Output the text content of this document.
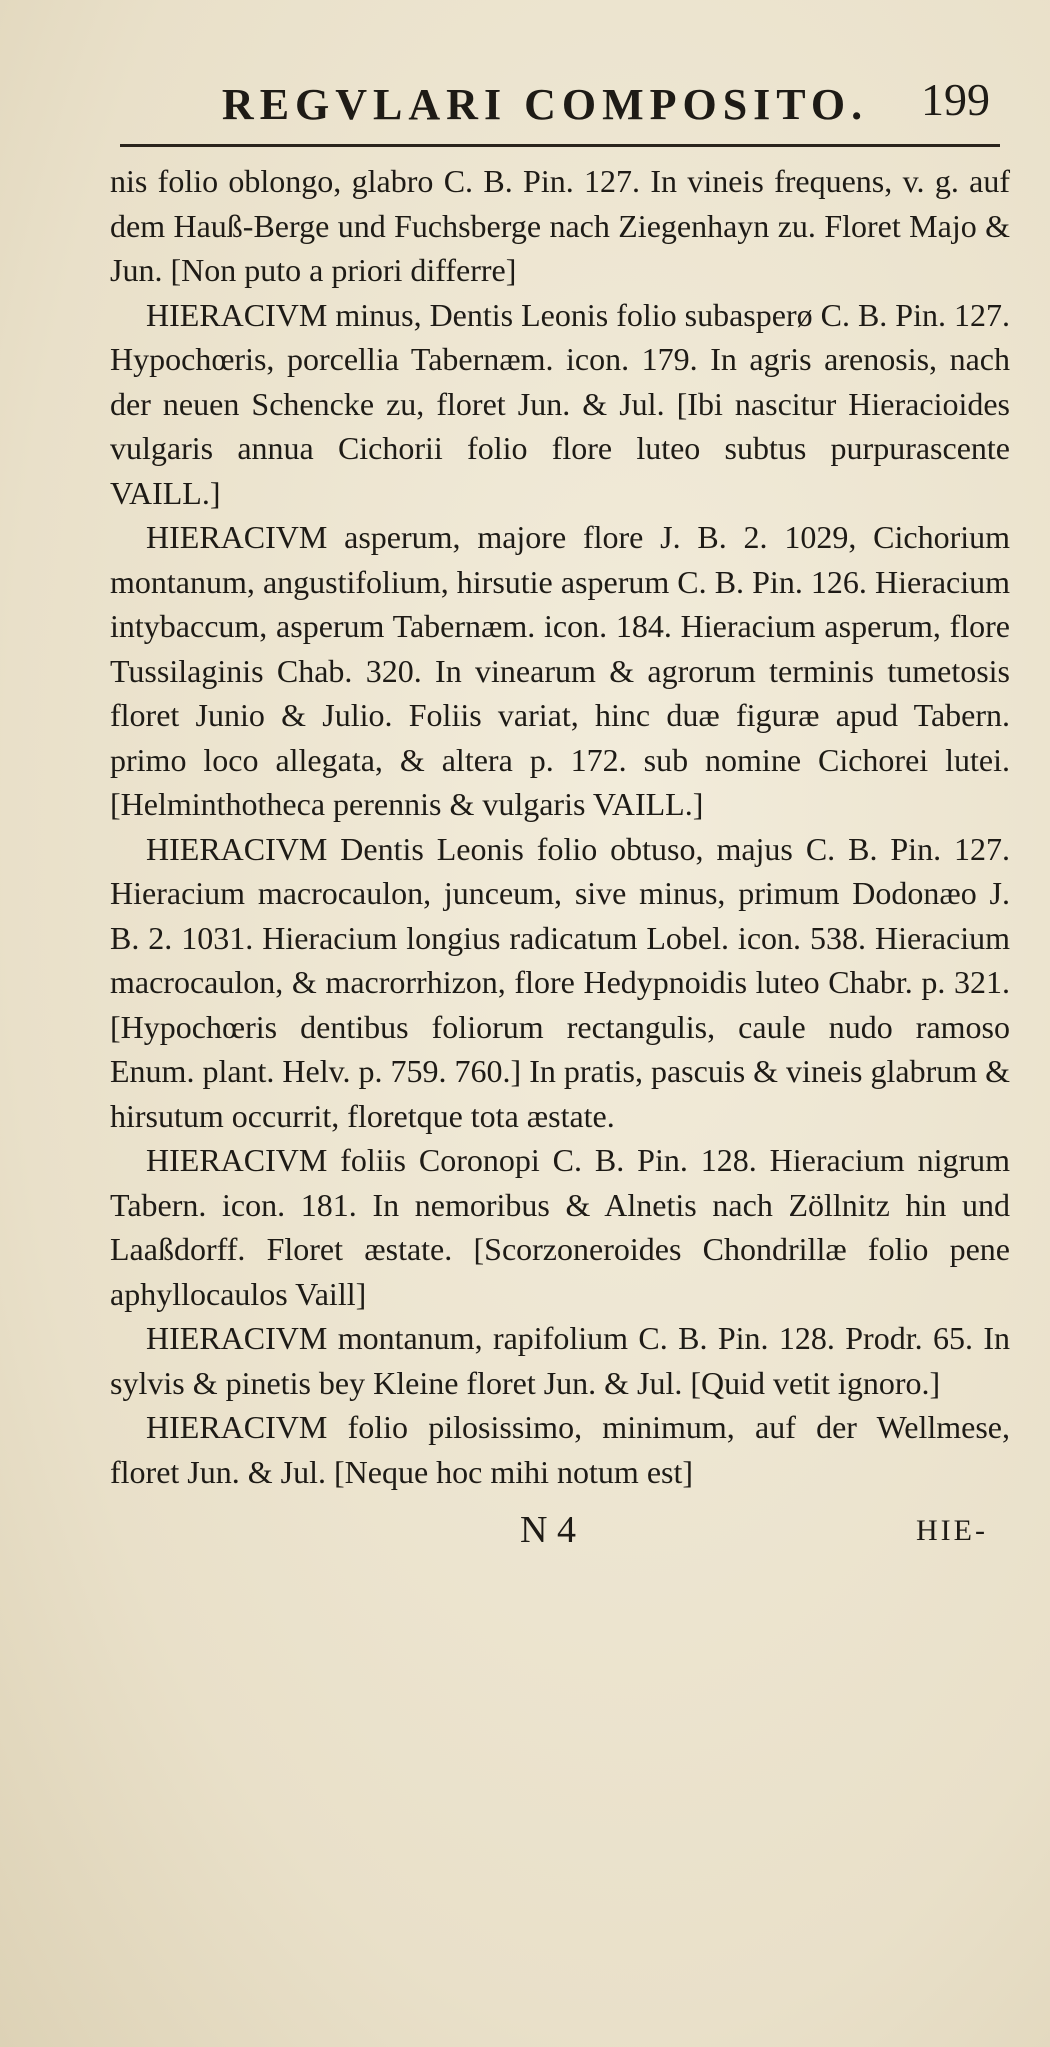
REGVLARI COMPOSITO. 199

nis folio oblongo, glabro C. B. Pin. 127. In vineis frequens, v. g. auf dem Hauß-Berge und Fuchsberge nach Ziegenhayn zu. Floret Majo & Jun. [Non puto a priori differre]

HIERACIVM minus, Dentis Leonis folio subasperø C. B. Pin. 127. Hypochœris, porcellia Tabernæm. icon. 179. In agris arenosis, nach der neuen Schencke zu, floret Jun. & Jul. [Ibi nascitur Hieracioides vulgaris annua Cichorii folio flore luteo subtus purpurascente VAILL.]

HIERACIVM asperum, majore flore J. B. 2. 1029, Cichorium montanum, angustifolium, hirsutie asperum C. B. Pin. 126. Hieracium intybaccum, asperum Tabernæm. icon. 184. Hieracium asperum, flore Tussilaginis Chab. 320. In vinearum & agrorum terminis tumetosis floret Junio & Julio. Foliis variat, hinc duæ figuræ apud Tabern. primo loco allegata, & altera p. 172. sub nomine Cichorei lutei. [Helminthotheca perennis & vulgaris VAILL.]

HIERACIVM Dentis Leonis folio obtuso, majus C. B. Pin. 127. Hieracium macrocaulon, junceum, sive minus, primum Dodonæo J. B. 2. 1031. Hieracium longius radicatum Lobel. icon. 538. Hieracium macrocaulon, & macrorrhizon, flore Hedypnoidis luteo Chabr. p. 321. [Hypochœris dentibus foliorum rectangulis, caule nudo ramoso Enum. plant. Helv. p. 759. 760.] In pratis, pascuis & vineis glabrum & hirsutum occurrit, floretque tota æstate.

HIERACIVM foliis Coronopi C. B. Pin. 128. Hieracium nigrum Tabern. icon. 181. In nemoribus & Alnetis nach Zöllnitz hin und Laaßdorff. Floret æstate. [Scorzoneroides Chondrillæ folio pene aphyllocaulos Vaill]

HIERACIVM montanum, rapifolium C. B. Pin. 128. Prodr. 65. In sylvis & pinetis bey Kleine floret Jun. & Jul. [Quid vetit ignoro.]

HIERACIVM folio pilosissimo, minimum, auf der Wellmese, floret Jun. & Jul. [Neque hoc mihi notum est]

N 4	HIE-
